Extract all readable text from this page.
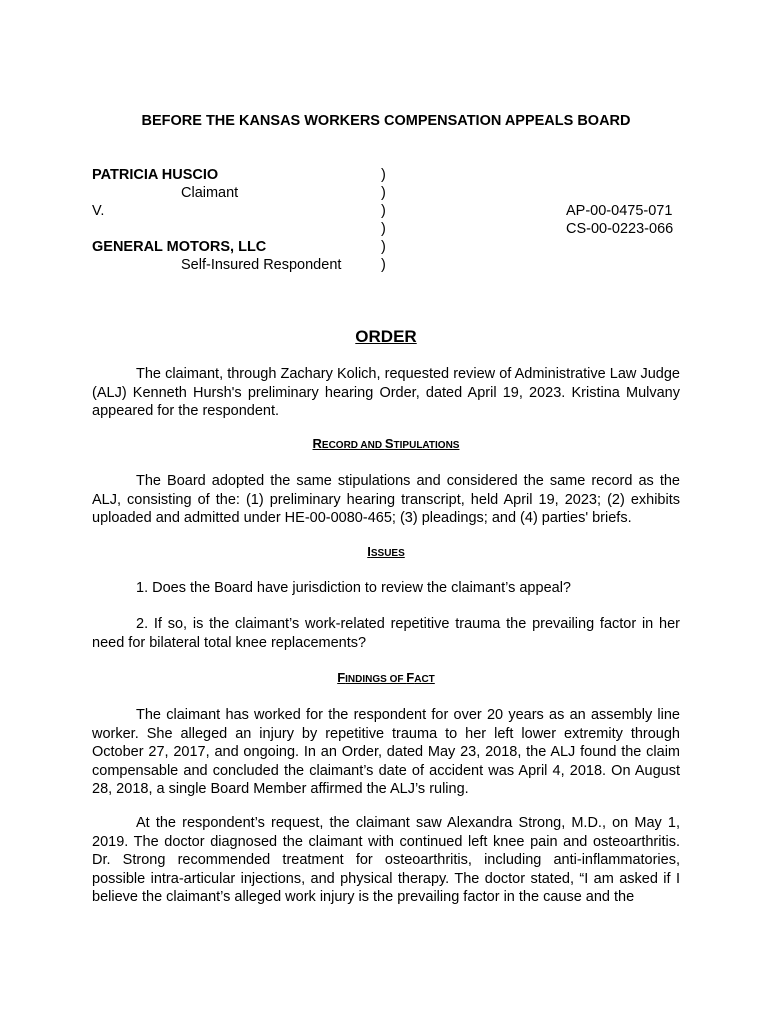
BEFORE THE KANSAS WORKERS COMPENSATION APPEALS BOARD
PATRICIA HUSCIO
Claimant
V.
GENERAL MOTORS, LLC
Self-Insured Respondent
)
)
)
)
)
)
AP-00-0475-071
CS-00-0223-066
ORDER
The claimant, through Zachary Kolich, requested review of Administrative Law Judge (ALJ) Kenneth Hursh's preliminary hearing Order, dated April 19, 2023. Kristina Mulvany appeared for the respondent.
RECORD AND STIPULATIONS
The Board adopted the same stipulations and considered the same record as the ALJ, consisting of the: (1) preliminary hearing transcript, held April 19, 2023; (2) exhibits uploaded and admitted under HE-00-0080-465; (3) pleadings; and (4) parties' briefs.
ISSUES
1. Does the Board have jurisdiction to review the claimant’s appeal?
2. If so, is the claimant’s work-related repetitive trauma the prevailing factor in her need for bilateral total knee replacements?
FINDINGS OF FACT
The claimant has worked for the respondent for over 20 years as an assembly line worker. She alleged an injury by repetitive trauma to her left lower extremity through October 27, 2017, and ongoing. In an Order, dated May 23, 2018, the ALJ found the claim compensable and concluded the claimant’s date of accident was April 4, 2018. On August 28, 2018, a single Board Member affirmed the ALJ’s ruling.
At the respondent’s request, the claimant saw Alexandra Strong, M.D., on May 1, 2019. The doctor diagnosed the claimant with continued left knee pain and osteoarthritis. Dr. Strong recommended treatment for osteoarthritis, including anti-inflammatories, possible intra-articular injections, and physical therapy. The doctor stated, “I am asked if I believe the claimant’s alleged work injury is the prevailing factor in the cause and the
